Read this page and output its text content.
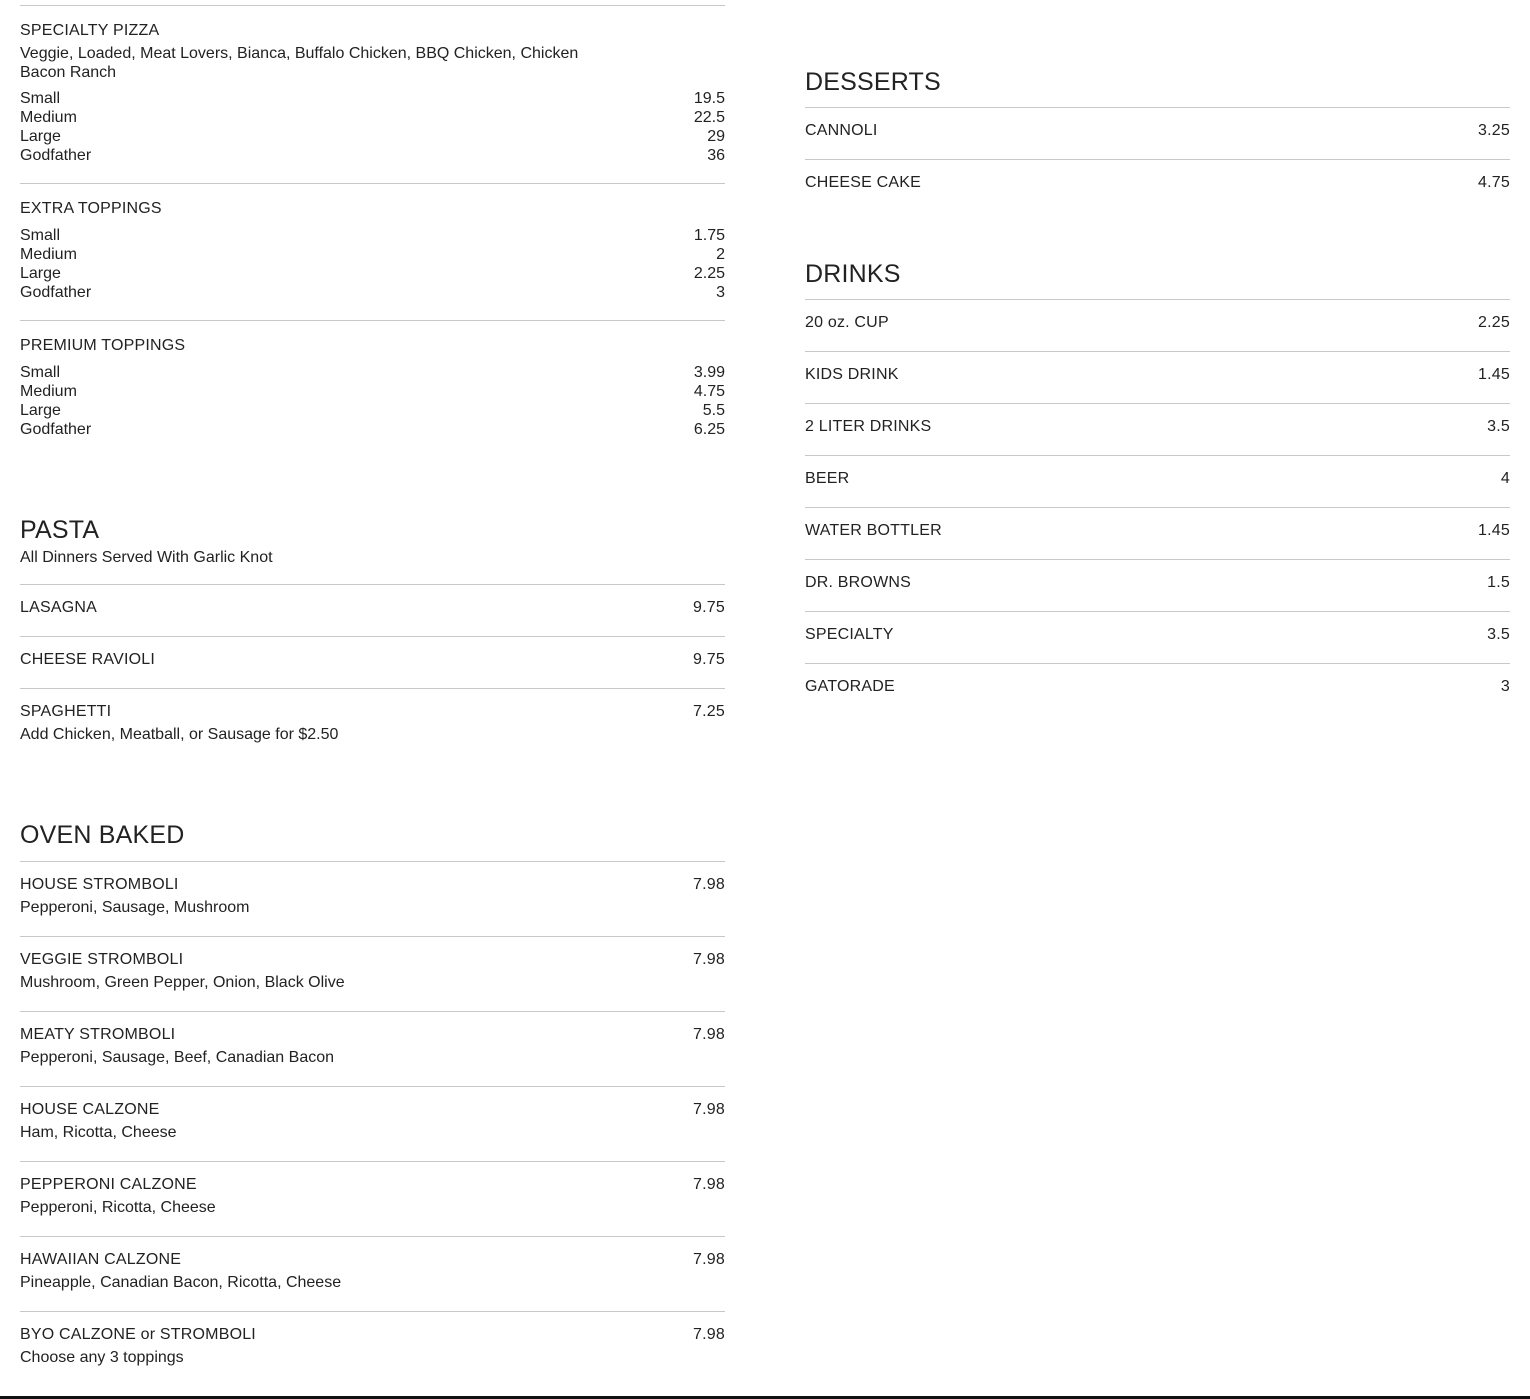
SPECIALTY PIZZA
Veggie, Loaded, Meat Lovers, Bianca, Buffalo Chicken, BBQ Chicken, Chicken Bacon Ranch
Small	19.5
Medium	22.5
Large	29
Godfather	36
EXTRA TOPPINGS
Small	1.75
Medium	2
Large	2.25
Godfather	3
PREMIUM TOPPINGS
Small	3.99
Medium	4.75
Large	5.5
Godfather	6.25
PASTA
All Dinners Served With Garlic Knot
LASAGNA	9.75
CHEESE RAVIOLI	9.75
SPAGHETTI	7.25
Add Chicken, Meatball, or Sausage for $2.50
OVEN BAKED
HOUSE STROMBOLI	7.98
Pepperoni, Sausage, Mushroom
VEGGIE STROMBOLI	7.98
Mushroom, Green Pepper, Onion, Black Olive
MEATY STROMBOLI	7.98
Pepperoni, Sausage, Beef, Canadian Bacon
HOUSE CALZONE	7.98
Ham, Ricotta, Cheese
PEPPERONI CALZONE	7.98
Pepperoni, Ricotta, Cheese
HAWAIIAN CALZONE	7.98
Pineapple, Canadian Bacon, Ricotta, Cheese
BYO CALZONE or STROMBOLI	7.98
Choose any 3 toppings
DESSERTS
CANNOLI	3.25
CHEESE CAKE	4.75
DRINKS
20 oz. CUP	2.25
KIDS DRINK	1.45
2 LITER DRINKS	3.5
BEER	4
WATER BOTTLER	1.45
DR. BROWNS	1.5
SPECIALTY	3.5
GATORADE	3
